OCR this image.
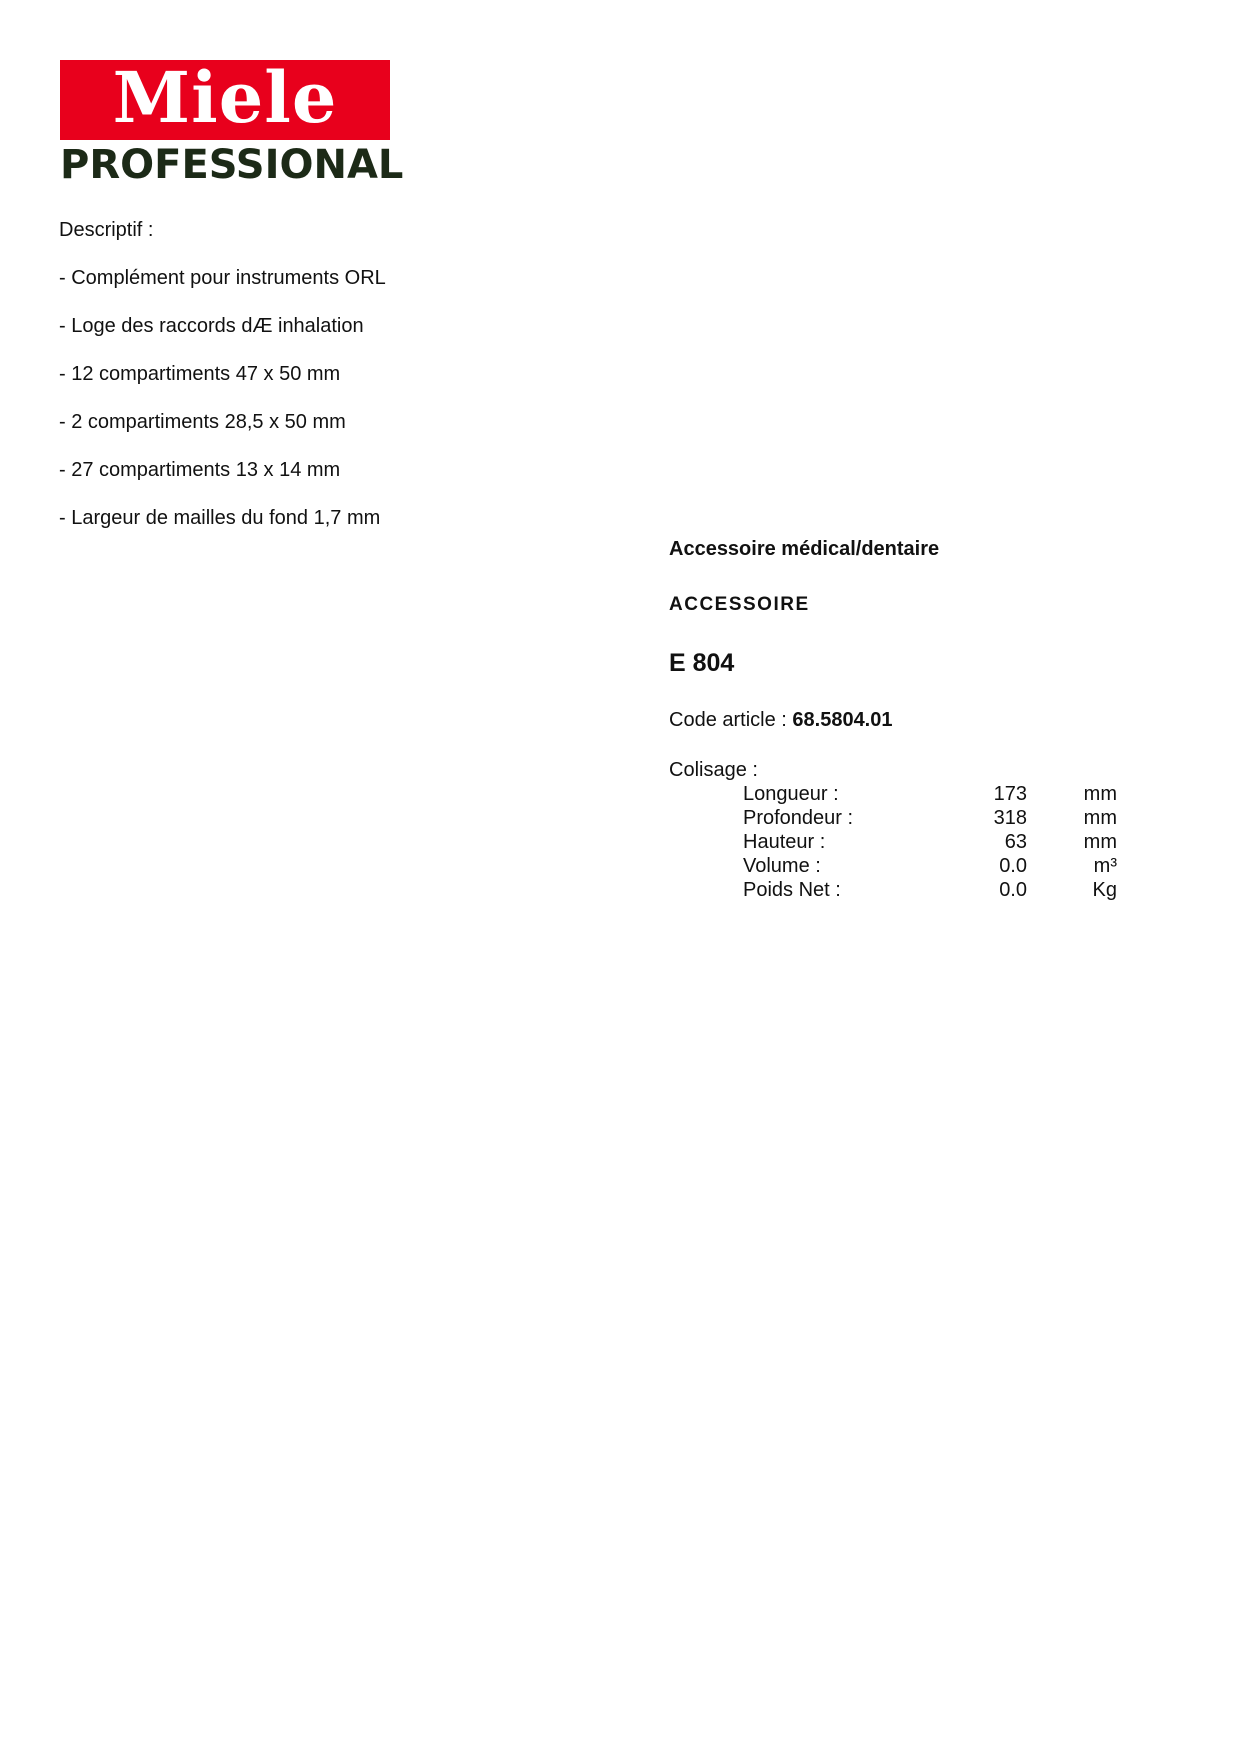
Miele
PROFESSIONAL
Descriptif :
- Complément pour instruments ORL
- Loge des raccords dÆ inhalation
- 12 compartiments 47 x 50 mm
- 2 compartiments 28,5 x 50 mm
- 27 compartiments 13 x 14 mm
- Largeur de mailles du fond 1,7 mm
Accessoire médical/dentaire
ACCESSOIRE
E 804
Code article : 68.5804.01
Colisage :
Longueur :	173	mm
Profondeur :	318	mm
Hauteur :	63	mm
Volume :	0.0	m³
Poids Net :	0.0	Kg
